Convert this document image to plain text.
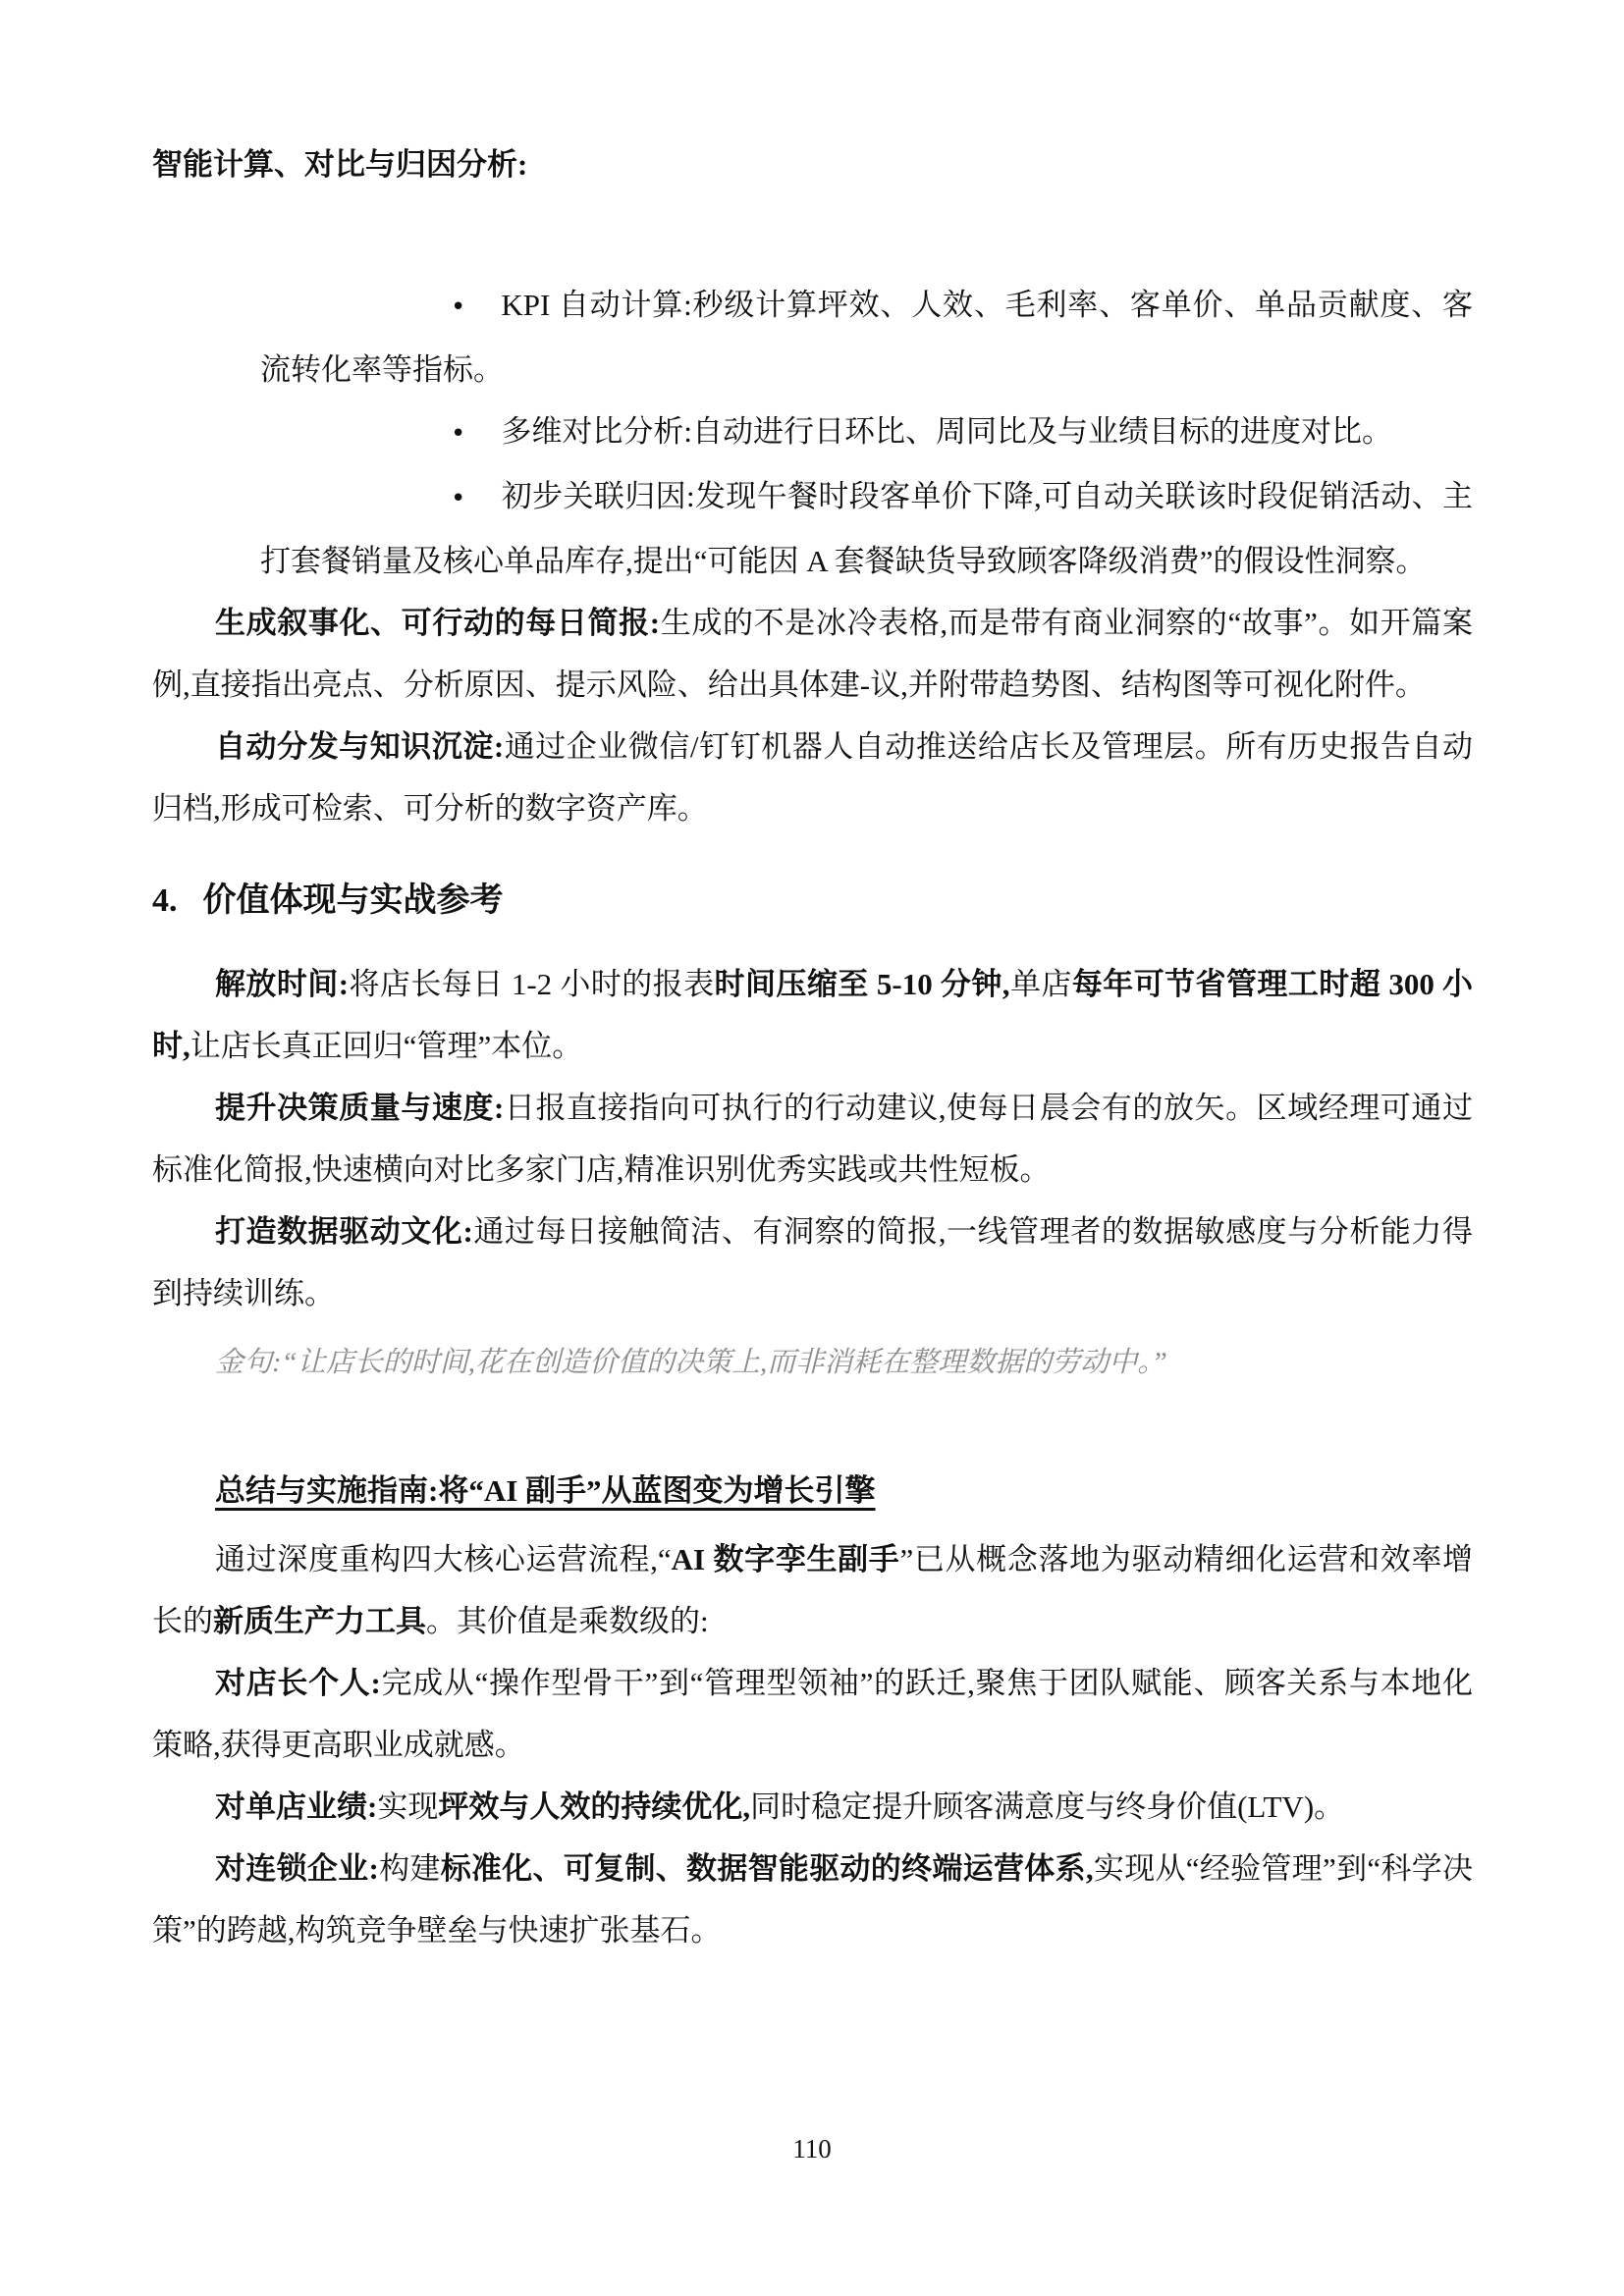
智能计算、对比与归因分析:

• KPI 自动计算:秒级计算坪效、人效、毛利率、客单价、单品贡献度、客流转化率等指标。

• 多维对比分析:自动进行日环比、周同比及与业绩目标的进度对比。

• 初步关联归因:发现午餐时段客单价下降,可自动关联该时段促销活动、主打套餐销量及核心单品库存,提出“可能因 A 套餐缺货导致顾客降级消费”的假设性洞察。

生成叙事化、可行动的每日简报:生成的不是冰冷表格,而是带有商业洞察的“故事”。如开篇案例,直接指出亮点、分析原因、提示风险、给出具体建-议,并附带趋势图、结构图等可视化附件。

自动分发与知识沉淀:通过企业微信/钉钉机器人自动推送给店长及管理层。所有历史报告自动归档,形成可检索、可分析的数字资产库。

4. 价值体现与实战参考

解放时间:将店长每日 1-2 小时的报表时间压缩至 5-10 分钟,单店每年可节省管理工时超 300 小时,让店长真正回归“管理”本位。

提升决策质量与速度:日报直接指向可执行的行动建议,使每日晨会有的放矢。区域经理可通过标准化简报,快速横向对比多家门店,精准识别优秀实践或共性短板。

打造数据驱动文化:通过每日接触简洁、有洞察的简报,一线管理者的数据敏感度与分析能力得到持续训练。

金句:“让店长的时间,花在创造价值的决策上,而非消耗在整理数据的劳动中。”

总结与实施指南:将“AI 副手”从蓝图变为增长引擎

通过深度重构四大核心运营流程,“AI 数字孪生副手”已从概念落地为驱动精细化运营和效率增长的新质生产力工具。其价值是乘数级的:

对店长个人:完成从“操作型骨干”到“管理型领袖”的跃迁,聚焦于团队赋能、顾客关系与本地化策略,获得更高职业成就感。

对单店业绩:实现坪效与人效的持续优化,同时稳定提升顾客满意度与终身价值(LTV)。

对连锁企业:构建标准化、可复制、数据智能驱动的终端运营体系,实现从“经验管理”到“科学决策”的跨越,构筑竞争壁垒与快速扩张基石。

110
